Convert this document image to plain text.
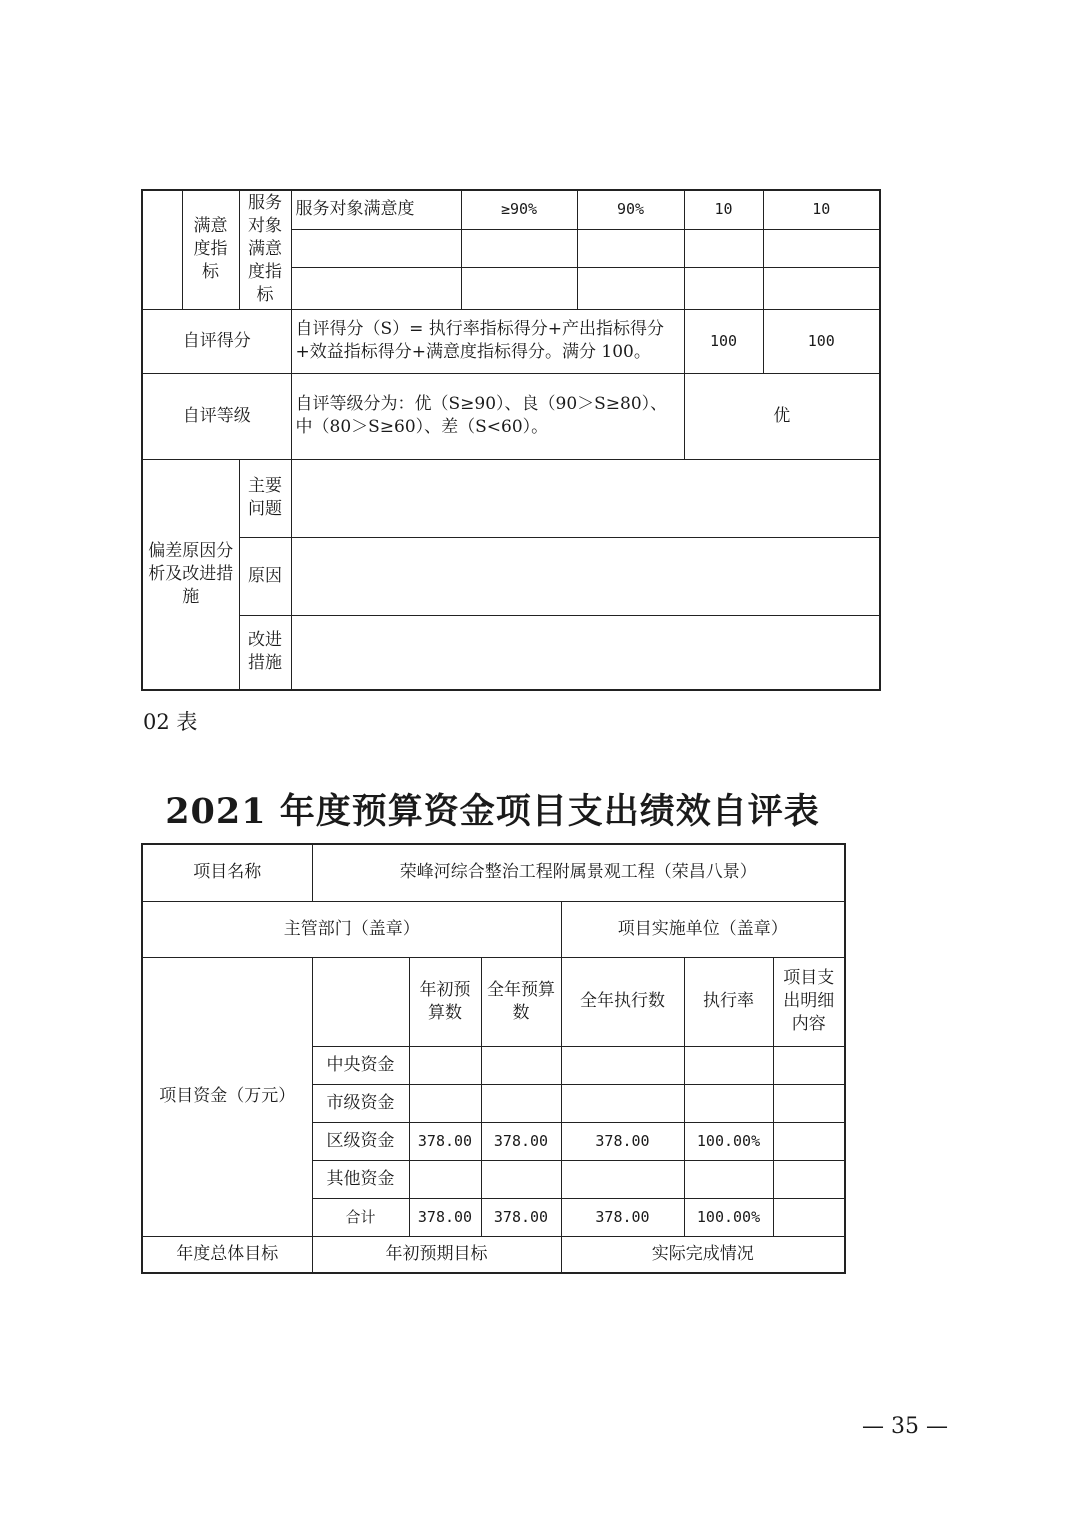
	满意度指标	服务对象满意度指标	服务对象满意度	≥90%	90%	10	10

自评得分			自评得分（S）= 执行率指标得分+产出指标得分+效益指标得分+满意度指标得分。满分 100。			100	100
自评等级			自评等级分为：优（S≥90）、良（90＞S≥80）、中（80＞S≥60）、差（S<60）。			优	
偏差原因分析及改进措施		主要问题					
		原因					
		改进措施					
02 表
2021 年度预算资金项目支出绩效自评表
项目名称	荣峰河综合整治工程附属景观工程（荣昌八景）					
主管部门（盖章）				项目实施单位（盖章）		
项目资金（万元）		年初预算数	全年预算数	全年执行数	执行率	项目支出明细内容
	中央资金					
	市级资金					
	区级资金	378.00	378.00	378.00	100.00%	
	其他资金					
	合计	378.00	378.00	378.00	100.00%	
年度总体目标	年初预期目标			实际完成情况		
— 35 —
